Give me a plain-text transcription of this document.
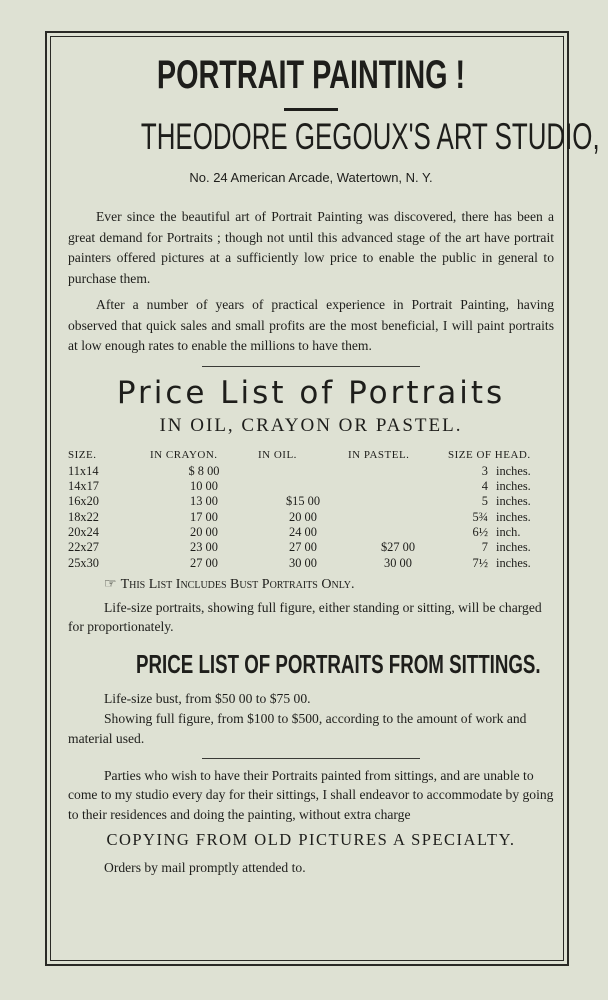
PORTRAIT PAINTING !
THEODORE GEGOUX'S ART STUDIO,
No. 24 American Arcade, Watertown, N. Y.

Ever since the beautiful art of Portrait Painting was discovered, there has been a great demand for Portraits ; though not until this advanced stage of the art have portrait painters offered pictures at a sufficiently low price to enable the public in general to purchase them.

After a number of years of practical experience in Portrait Painting, having observed that quick sales and small profits are the most beneficial, I will paint portraits at low enough rates to enable the millions to have them.

Price List of Portraits
IN OIL, CRAYON OR PASTEL.
SIZE.	IN CRAYON.	IN OIL.	IN PASTEL.	SIZE OF HEAD.	
11x14	$ 8 00			3	inches.
14x17	10 00			4	inches.
16x20	13 00	$15 00		5	inches.
18x22	17 00	20 00		5¾	inches.
20x24	20 00	24 00		6½	inch.
22x27	23 00	27 00	$27 00	7	inches.
25x30	27 00	30 00	30 00	7½	inches.
☞ This List Includes Bust Portraits Only.

Life-size portraits, showing full figure, either standing or sitting, will be charged for proportionately.

PRICE LIST OF PORTRAITS FROM SITTINGS.

Life-size bust, from $50 00 to $75 00.

Showing full figure, from $100 to $500, according to the amount of work and material used.

Parties who wish to have their Portraits painted from sittings, and are unable to come to my studio every day for their sittings, I shall endeavor to accommodate by going to their residences and doing the painting, without extra charge

COPYING FROM OLD PICTURES A SPECIALTY.

Orders by mail promptly attended to.
